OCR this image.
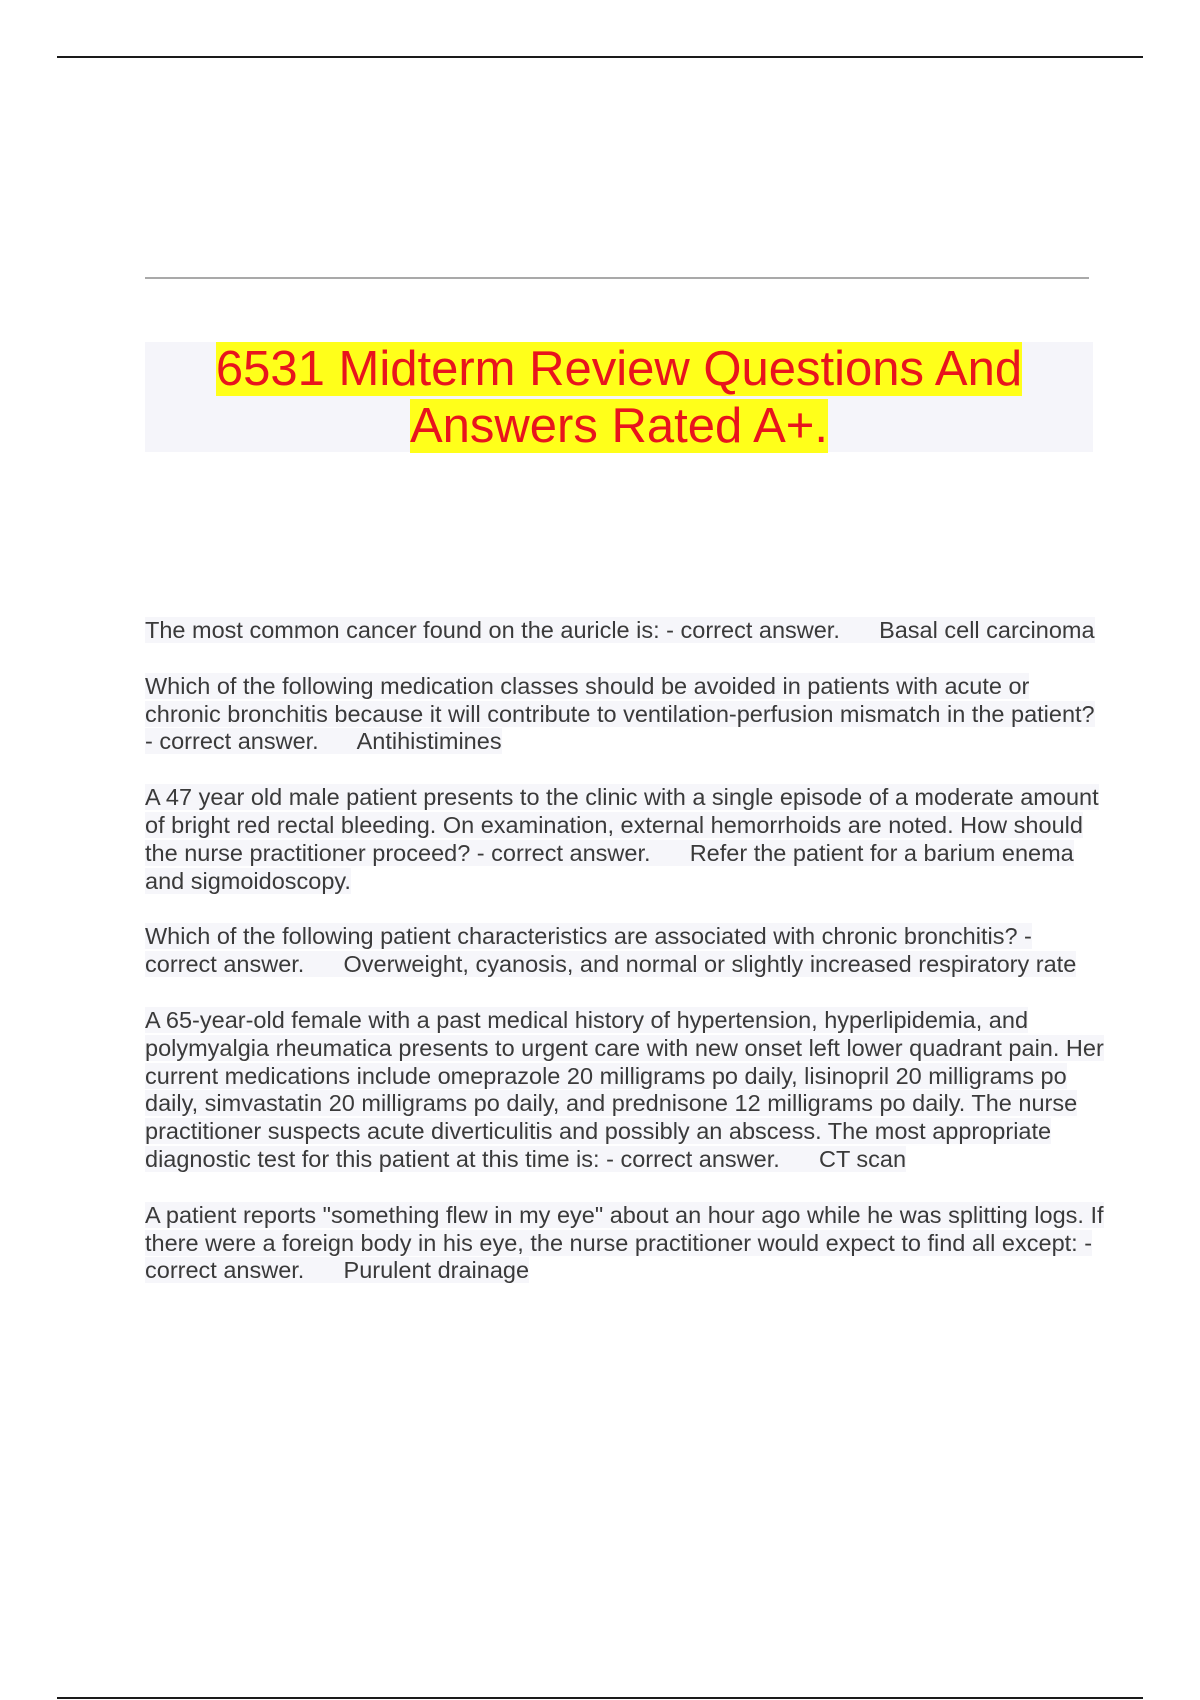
6531 Midterm Review Questions And Answers Rated A+.

The most common cancer found on the auricle is: - correct answer. Basal cell carcinoma

Which of the following medication classes should be avoided in patients with acute or chronic bronchitis because it will contribute to ventilation-perfusion mismatch in the patient? - correct answer. Antihistimines

A 47 year old male patient presents to the clinic with a single episode of a moderate amount of bright red rectal bleeding. On examination, external hemorrhoids are noted. How should the nurse practitioner proceed? - correct answer. Refer the patient for a barium enema and sigmoidoscopy.

Which of the following patient characteristics are associated with chronic bronchitis? - correct answer. Overweight, cyanosis, and normal or slightly increased respiratory rate

A 65-year-old female with a past medical history of hypertension, hyperlipidemia, and polymyalgia rheumatica presents to urgent care with new onset left lower quadrant pain. Her current medications include omeprazole 20 milligrams po daily, lisinopril 20 milligrams po daily, simvastatin 20 milligrams po daily, and prednisone 12 milligrams po daily. The nurse practitioner suspects acute diverticulitis and possibly an abscess. The most appropriate diagnostic test for this patient at this time is: - correct answer. CT scan

A patient reports "something flew in my eye" about an hour ago while he was splitting logs. If there were a foreign body in his eye, the nurse practitioner would expect to find all except: - correct answer. Purulent drainage
